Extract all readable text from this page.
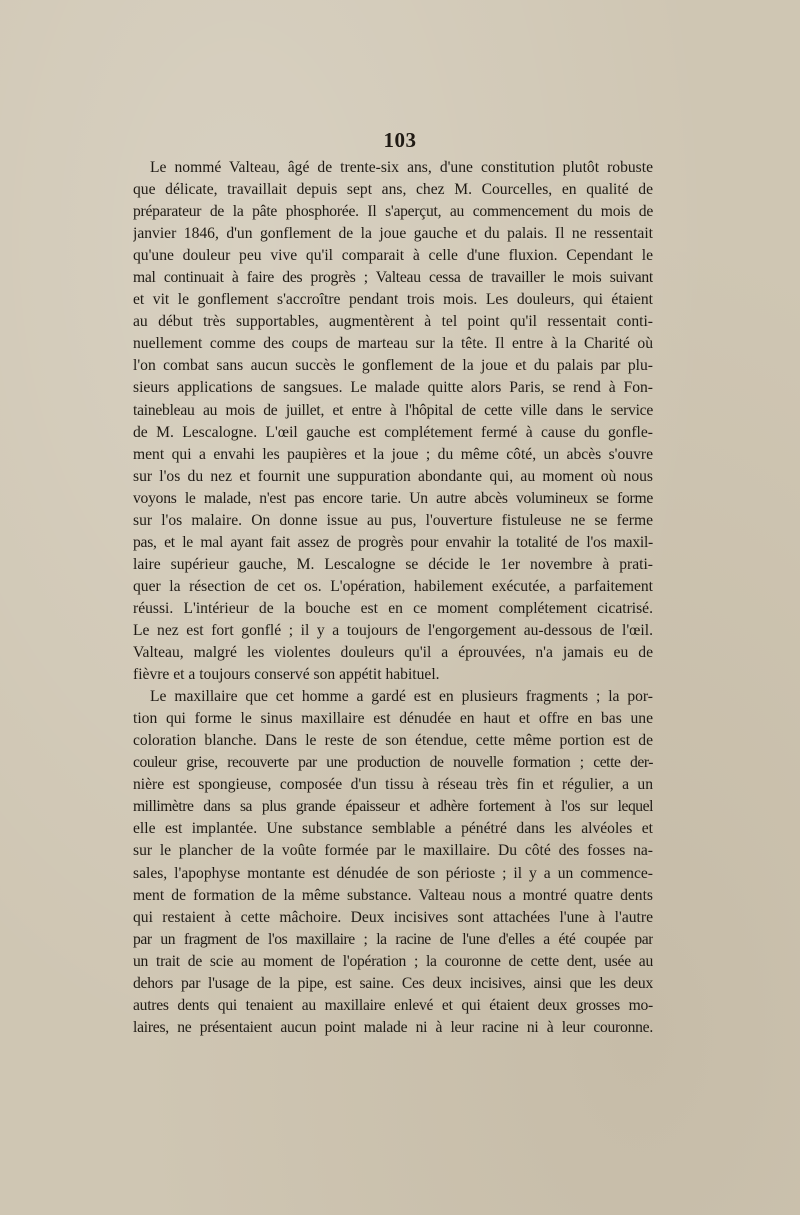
103
Le nommé Valteau, âgé de trente-six ans, d'une constitution plutôt robuste
que délicate, travaillait depuis sept ans, chez M. Courcelles, en qualité de
préparateur de la pâte phosphorée. Il s'aperçut, au commencement du mois de
janvier 1846, d'un gonflement de la joue gauche et du palais. Il ne ressentait
qu'une douleur peu vive qu'il comparait à celle d'une fluxion. Cependant le
mal continuait à faire des progrès ; Valteau cessa de travailler le mois suivant
et vit le gonflement s'accroître pendant trois mois. Les douleurs, qui étaient
au début très supportables, augmentèrent à tel point qu'il ressentait conti-
nuellement comme des coups de marteau sur la tête. Il entre à la Charité où
l'on combat sans aucun succès le gonflement de la joue et du palais par plu-
sieurs applications de sangsues. Le malade quitte alors Paris, se rend à Fon-
tainebleau au mois de juillet, et entre à l'hôpital de cette ville dans le service
de M. Lescalogne. L'œil gauche est complétement fermé à cause du gonfle-
ment qui a envahi les paupières et la joue ; du même côté, un abcès s'ouvre
sur l'os du nez et fournit une suppuration abondante qui, au moment où nous
voyons le malade, n'est pas encore tarie. Un autre abcès volumineux se forme
sur l'os malaire. On donne issue au pus, l'ouverture fistuleuse ne se ferme
pas, et le mal ayant fait assez de progrès pour envahir la totalité de l'os maxil-
laire supérieur gauche, M. Lescalogne se décide le 1er novembre à prati-
quer la résection de cet os. L'opération, habilement exécutée, a parfaitement
réussi. L'intérieur de la bouche est en ce moment complétement cicatrisé.
Le nez est fort gonflé ; il y a toujours de l'engorgement au-dessous de l'œil.
Valteau, malgré les violentes douleurs qu'il a éprouvées, n'a jamais eu de
fièvre et a toujours conservé son appétit habituel.
Le maxillaire que cet homme a gardé est en plusieurs fragments ; la por-
tion qui forme le sinus maxillaire est dénudée en haut et offre en bas une
coloration blanche. Dans le reste de son étendue, cette même portion est de
couleur grise, recouverte par une production de nouvelle formation ; cette der-
nière est spongieuse, composée d'un tissu à réseau très fin et régulier, a un
millimètre dans sa plus grande épaisseur et adhère fortement à l'os sur lequel
elle est implantée. Une substance semblable a pénétré dans les alvéoles et
sur le plancher de la voûte formée par le maxillaire. Du côté des fosses na-
sales, l'apophyse montante est dénudée de son périoste ; il y a un commence-
ment de formation de la même substance. Valteau nous a montré quatre dents
qui restaient à cette mâchoire. Deux incisives sont attachées l'une à l'autre
par un fragment de l'os maxillaire ; la racine de l'une d'elles a été coupée par
un trait de scie au moment de l'opération ; la couronne de cette dent, usée au
dehors par l'usage de la pipe, est saine. Ces deux incisives, ainsi que les deux
autres dents qui tenaient au maxillaire enlevé et qui étaient deux grosses mo-
laires, ne présentaient aucun point malade ni à leur racine ni à leur couronne.
